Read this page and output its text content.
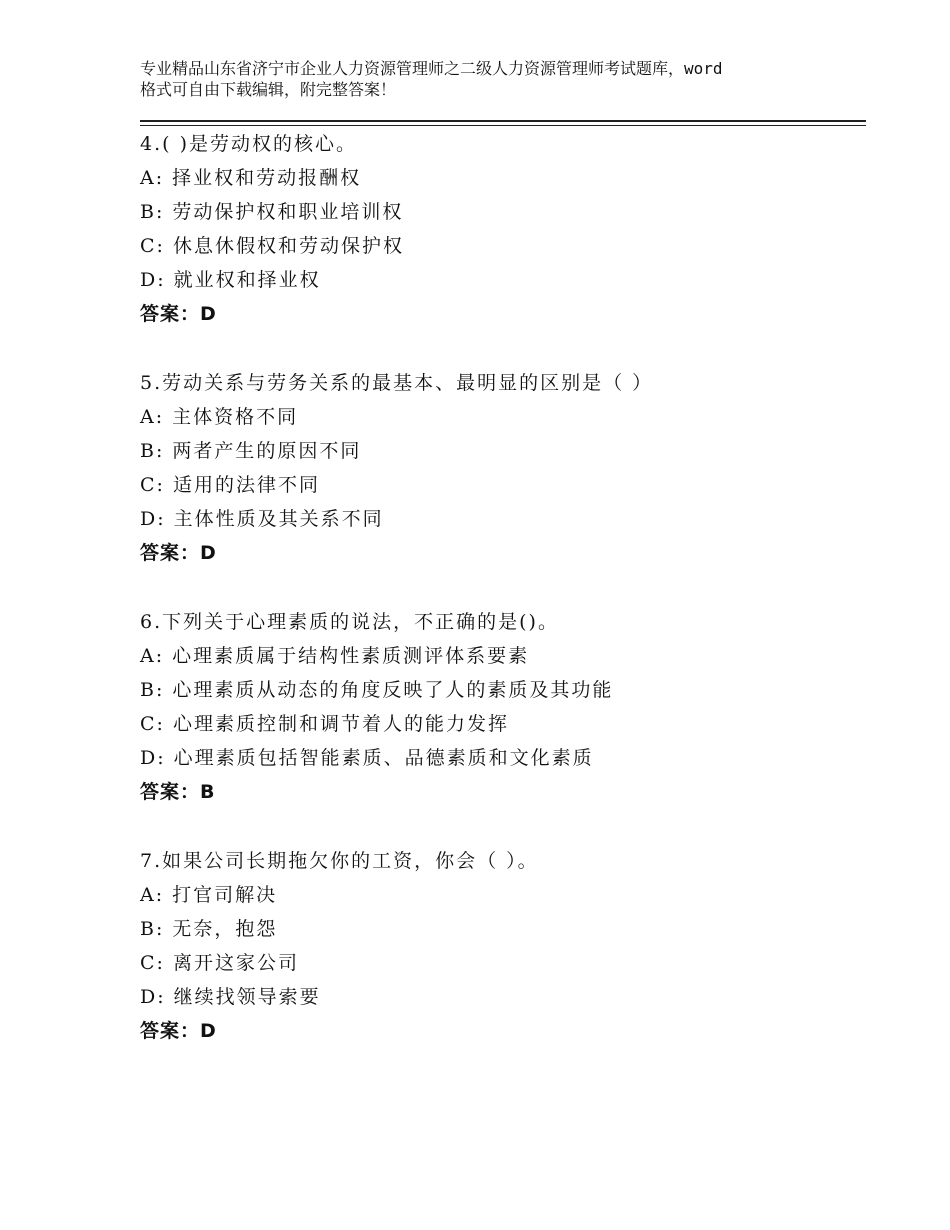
专业精品山东省济宁市企业人力资源管理师之二级人力资源管理师考试题库，word
格式可自由下载编辑，附完整答案！
4.( )是劳动权的核心。
A: 择业权和劳动报酬权
B: 劳动保护权和职业培训权
C: 休息休假权和劳动保护权
D: 就业权和择业权
答案：D
5.劳动关系与劳务关系的最基本、最明显的区别是（ ）
A: 主体资格不同
B: 两者产生的原因不同
C: 适用的法律不同
D: 主体性质及其关系不同
答案：D
6.下列关于心理素质的说法，不正确的是()。
A: 心理素质属于结构性素质测评体系要素
B: 心理素质从动态的角度反映了人的素质及其功能
C: 心理素质控制和调节着人的能力发挥
D: 心理素质包括智能素质、品德素质和文化素质
答案：B
7.如果公司长期拖欠你的工资，你会（ ）。
A: 打官司解决
B: 无奈，抱怨
C: 离开这家公司
D: 继续找领导索要
答案：D
